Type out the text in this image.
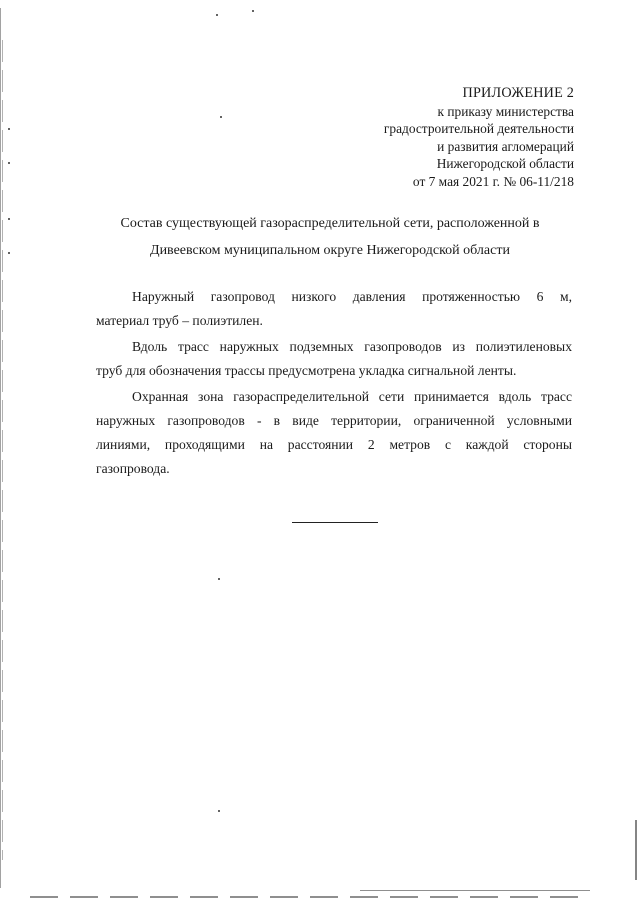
ПРИЛОЖЕНИЕ 2
к приказу министерства
градостроительной деятельности
и развития агломераций
Нижегородской области
от 7 мая 2021 г. № 06-11/218
Состав существующей газораспределительной сети, расположенной в
Дивеевском муниципальном округе Нижегородской области
Наружный газопровод низкого давления протяженностью 6 м,
материал труб – полиэтилен.
Вдоль трасс наружных подземных газопроводов из полиэтиленовых
труб для обозначения трассы предусмотрена укладка сигнальной ленты.
Охранная зона газораспределительной сети принимается вдоль трасс
наружных газопроводов - в виде территории, ограниченной условными
линиями, проходящими на расстоянии 2 метров с каждой стороны
газопровода.
